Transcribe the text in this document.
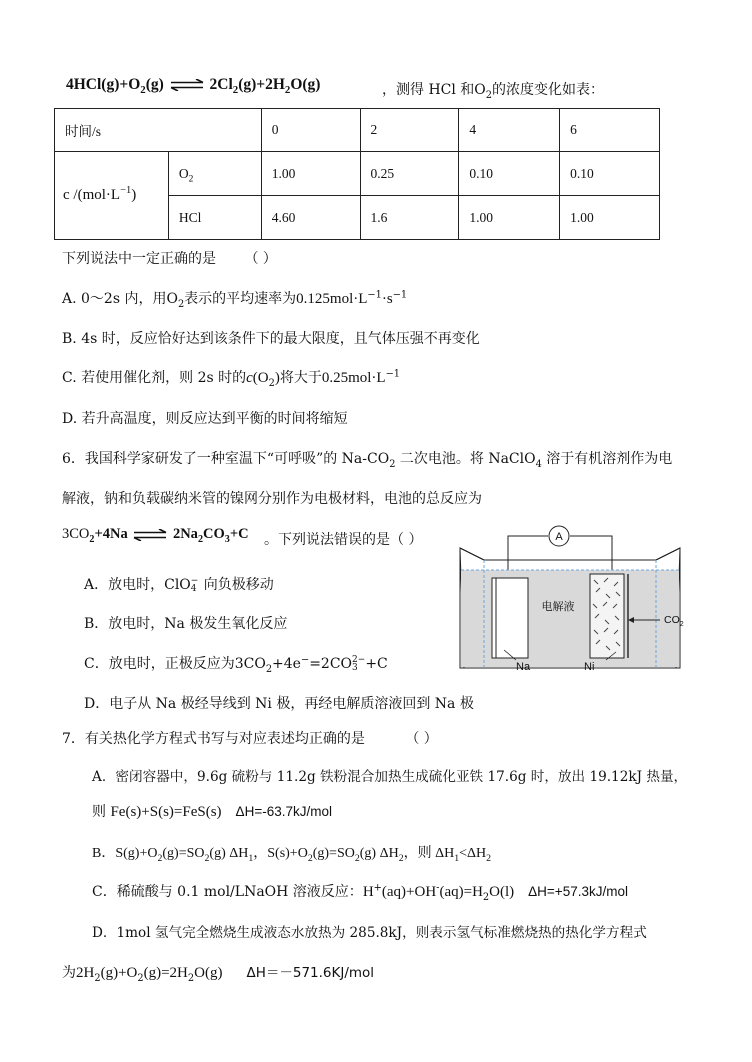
$4HCl(g)+O_2(g)$ ⇌ $2Cl_2(g)+2H_2O(g)$	，测得 HCl 和$O_2$的浓度变化如表：
时间/s		0	2	4	6
c $/(mol\cdot L^{-1})$	$O_2$	1.00	0.25	0.10	0.10
	HCl	4.60	1.6	1.00	1.00
下列说法中一定正确的是 （ ）
A. 0～2s 内，用$O_2$表示的平均速率为$0.125mol\cdot L^{-1}\cdot s^{-1}$
B. 4s 时，反应恰好达到该条件下的最大限度，且气体压强不再变化
C. 若使用催化剂，则 2s 时的$c(O_2)$将大于$0.25mol\cdot L^{-1}$
D. 若升高温度，则反应达到平衡的时间将缩短
6．我国科学家研发了一种室温下“可呼吸”的 $Na-CO_2$ 二次电池。将 NaClO$_4$ 溶于有机溶剂作为电
解液，钠和负载碳纳米管的镍网分别作为电极材料，电池的总反应为
$3CO_2+4Na$ ⇌ $2Na_2CO_3+C$ 。下列说法错误的是（ ）
A．放电时，ClO −
4 向负极移动
B．放电时，Na 极发生氧化反应
C．放电时，正极反应为$3CO_2+4e^-=2CO$ 2−
3 +C
D．电子从 Na 极经导线到 Ni 极，再经电解质溶液回到 Na 极
A
电解液
Na	Ni
$CO_2$
7．有关热化学方程式书写与对应表述均正确的是	（ ）
A．密闭容器中，9.6g 硫粉与 11.2g 铁粉混合加热生成硫化亚铁 17.6g 时，放出 19.12kJ 热量，
则 Fe(s)+S(s)=FeS(s) ΔH=-63.7kJ/mol
B．$S(g)+O_2(g)=SO_2(g)$ $\Delta H_1$，$S(s)+O_2(g)=SO_2(g)$ $\Delta H_2$，则 $\Delta H_1<\Delta H_2$
C．稀硫酸与 0.1 mol/LNaOH 溶液反应：$H^+(aq)+OH^-(aq)=H_2O(l)$ ΔH=+57.3kJ/mol
D．1mol 氢气完全燃烧生成液态水放热为 285.8kJ，则表示氢气标准燃烧热的热化学方程式
为$2H_2(g)+O_2(g)=2H_2O(g)$ ΔH＝－571.6KJ/mol
